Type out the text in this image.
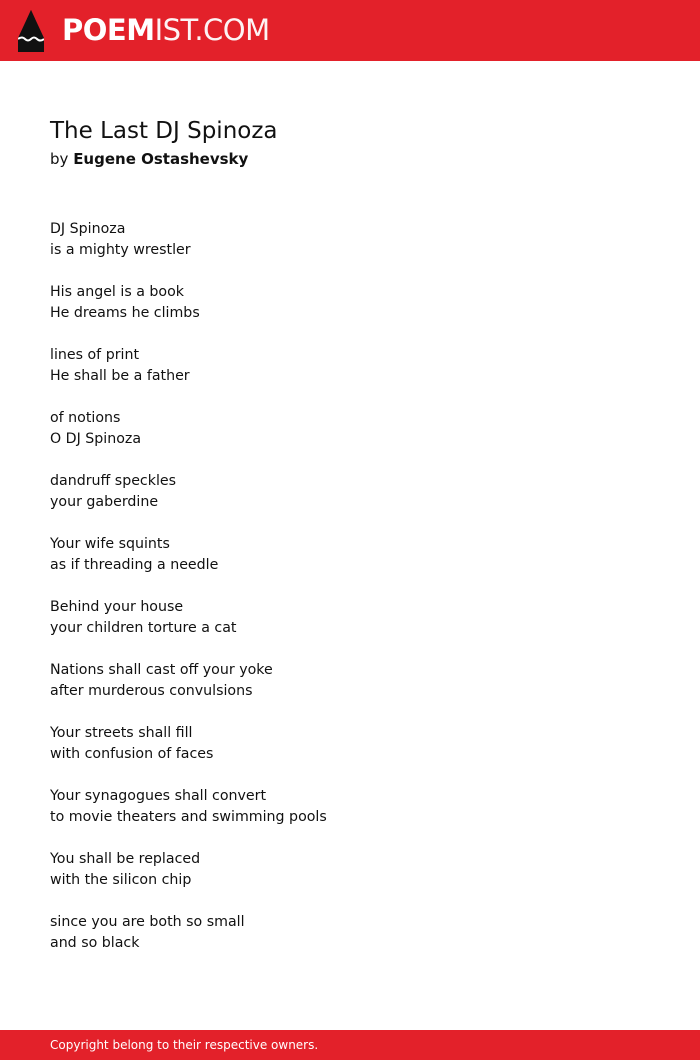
POEMIST.COM
The Last DJ Spinoza
by Eugene Ostashevsky
DJ Spinoza
is a mighty wrestler
His angel is a book
He dreams he climbs
lines of print
He shall be a father
of notions
O DJ Spinoza
dandruff speckles
your gaberdine
Your wife squints
as if threading a needle
Behind your house
your children torture a cat
Nations shall cast off your yoke
after murderous convulsions
Your streets shall fill
with confusion of faces
Your synagogues shall convert
to movie theaters and swimming pools
You shall be replaced
with the silicon chip
since you are both so small
and so black
Copyright belong to their respective owners.
